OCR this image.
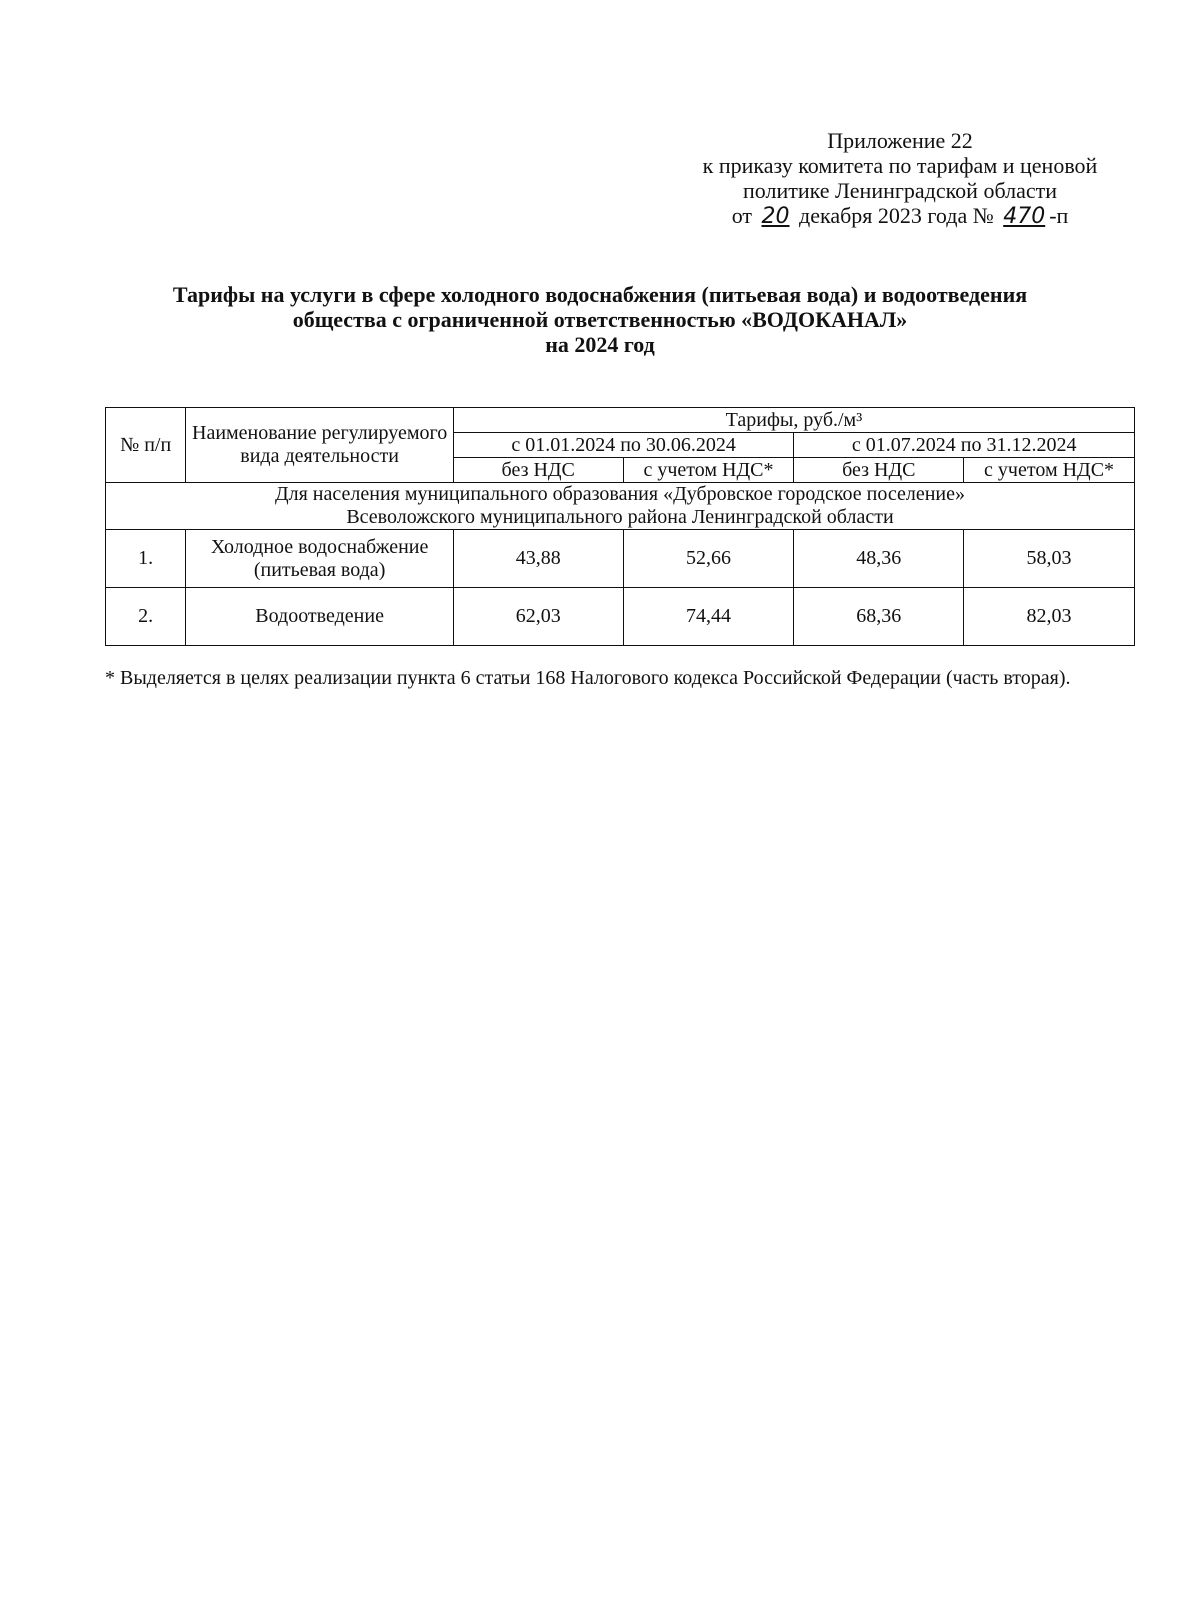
Приложение 22
к приказу комитета по тарифам и ценовой
политике Ленинградской области
от 20 декабря 2023 года № 470 -п
Тарифы на услуги в сфере холодного водоснабжения (питьевая вода) и водоотведения
общества с ограниченной ответственностью «ВОДОКАНАЛ»
на 2024 год
№ п/п	Наименование регулируемого вида деятельности	Тарифы, руб./м³			
		с 01.01.2024 по 30.06.2024		с 01.07.2024 по 31.12.2024	
		без НДС	с учетом НДС*	без НДС	с учетом НДС*

Для населения муниципального образования «Дубровское городское поселение»
Всеволожского муниципального района Ленинградской области					

1.	Холодное водоснабжение (питьевая вода)	43,88	52,66	48,36	58,03
2.	Водоотведение	62,03	74,44	68,36	82,03
* Выделяется в целях реализации пункта 6 статьи 168 Налогового кодекса Российской Федерации (часть вторая).
